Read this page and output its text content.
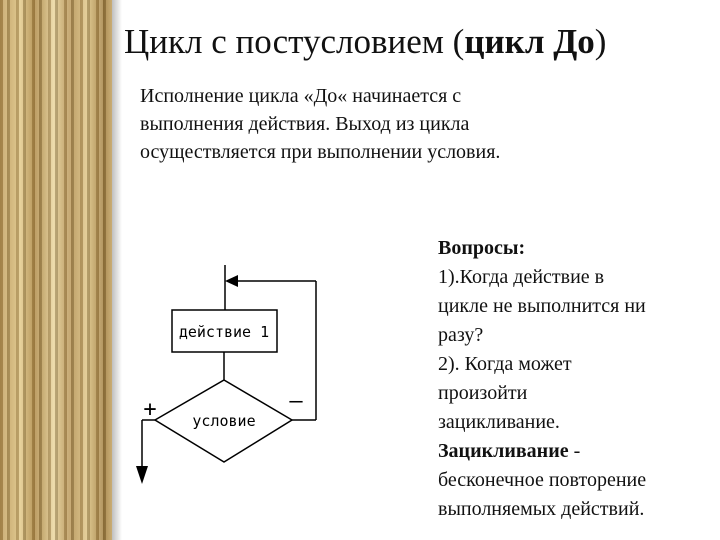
Цикл с постусловием (цикл До)
Исполнение цикла «До« начинается с
выполнения действия. Выход из цикла
осуществляется при выполнении условия.
действие 1
условие
+	–
Вопросы:
1).Когда действие в
цикле не выполнится ни
разу?
2). Когда может
произойти
зацикливание.
Зацикливание -
бесконечное повторение
выполняемых действий.
